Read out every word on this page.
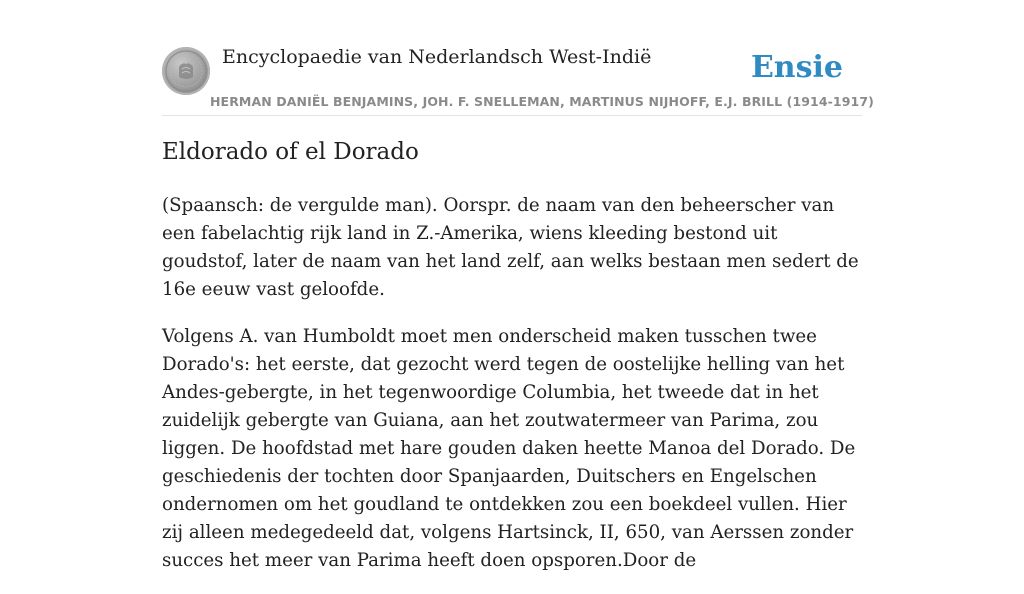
Encyclopaedie van Nederlandsch West-Indië	Ensie
HERMAN DANIËL BENJAMINS, JOH. F. SNELLEMAN, MARTINUS NIJHOFF, E.J. BRILL (1914-1917)
Eldorado of el Dorado

(Spaansch: de vergulde man). Oorspr. de naam van den beheerscher van een fabelachtig rijk land in Z.-Amerika, wiens kleeding bestond uit goudstof, later de naam van het land zelf, aan welks bestaan men sedert de 16e eeuw vast geloofde.

Volgens A. van Humboldt moet men onderscheid maken tusschen twee Dorado's: het eerste, dat gezocht werd tegen de oostelijke helling van het Andes-gebergte, in het tegenwoordige Columbia, het tweede dat in het zuidelijk gebergte van Guiana, aan het zoutwatermeer van Parima, zou liggen. De hoofdstad met hare gouden daken heette Manoa del Dorado. De geschiedenis der tochten door Spanjaarden, Duitschers en Engelschen ondernomen om het goudland te ontdekken zou een boekdeel vullen. Hier zij alleen medegedeeld dat, volgens Hartsinck, II, 650, van Aerssen zonder succes het meer van Parima heeft doen opsporen.Door de
